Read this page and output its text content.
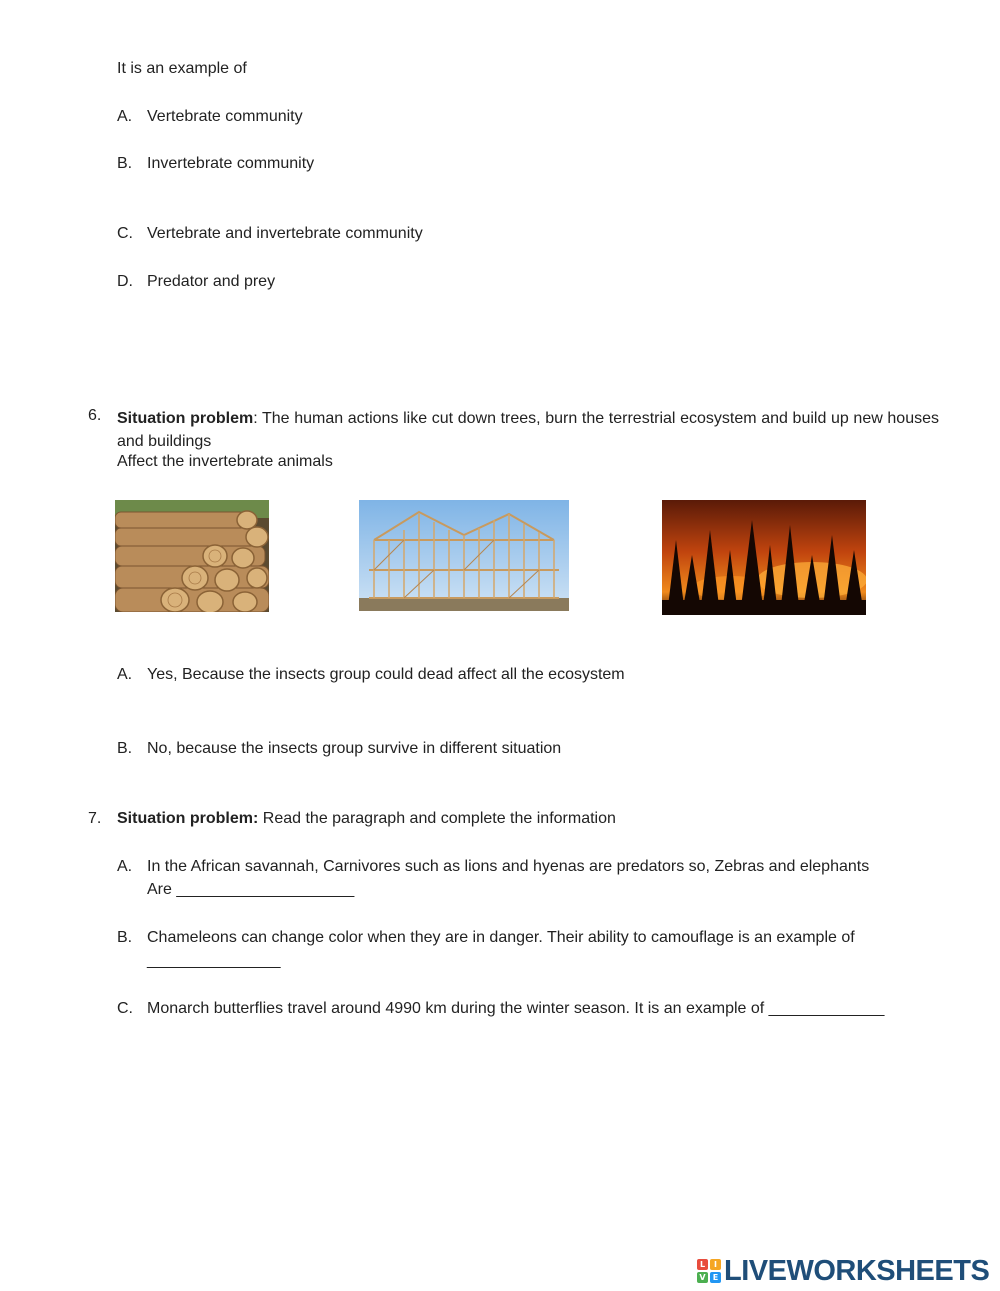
It is an example of
A. Vertebrate community
B. Invertebrate community
C. Vertebrate and invertebrate community
D. Predator and prey
6. Situation problem: The human actions like cut down trees, burn the terrestrial ecosystem and build up new houses and buildings
Affect the invertebrate animals
A. Yes, Because the insects group could dead affect all the ecosystem
B. No, because the insects group survive in different situation
7. Situation problem: Read the paragraph and complete the information
A. In the African savannah, Carnivores such as lions and hyenas are predators so, Zebras and elephants
Are ____________________
B. Chameleons can change color when they are in danger. Their ability to camouflage is an example of
_______________
C. Monarch butterflies travel around 4990 km during the winter season. It is an example of _____________
L	I
V E LIVEWORKSHEETS
